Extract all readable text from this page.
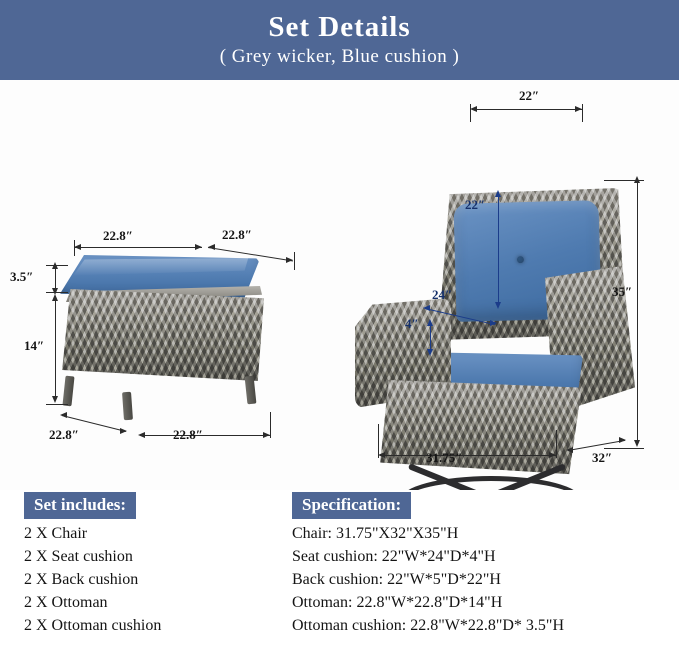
Set Details
( Grey wicker, Blue cushion )
22.8″	22.8″
3.5″
14″
22.8″	22.8″
22″
22″
24″
4″
35″
31.75″	32″
Set includes:
2 X Chair
2 X Seat cushion
2 X Back cushion
2 X Ottoman
2 X Ottoman cushion
Specification:
Chair: 31.75"X32"X35"H
Seat cushion: 22"W*24"D*4"H
Back cushion: 22"W*5"D*22"H
Ottoman: 22.8"W*22.8"D*14"H
Ottoman cushion: 22.8"W*22.8"D* 3.5"H
